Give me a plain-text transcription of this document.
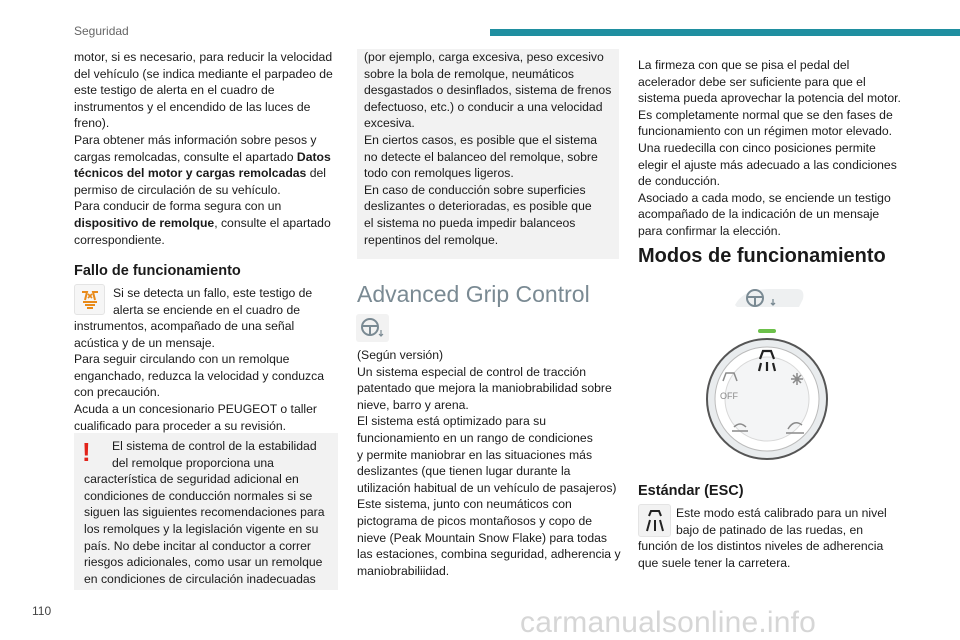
Seguridad
110	carmanualsonline.info
motor, si es necesario, para reducir la velocidad
del vehículo (se indica mediante el parpadeo de
este testigo de alerta en el cuadro de
instrumentos y el encendido de las luces de
freno).
Para obtener más información sobre pesos y
cargas remolcadas, consulte el apartado Datos
técnicos del motor y cargas remolcadas del
permiso de circulación de su vehículo.
Para conducir de forma segura con un
dispositivo de remolque, consulte el apartado
correspondiente.
Fallo de funcionamiento
Si se detecta un fallo, este testigo de
alerta se enciende en el cuadro de
instrumentos, acompañado de una señal
acústica y de un mensaje.
Para seguir circulando con un remolque
enganchado, reduzca la velocidad y conduzca
con precaución.
Acuda a un concesionario PEUGEOT o taller
cualificado para proceder a su revisión.
!	El sistema de control de la estabilidad
del remolque proporciona una
característica de seguridad adicional en
condiciones de conducción normales si se
siguen las siguientes recomendaciones para
los remolques y la legislación vigente en su
país. No debe incitar al conductor a correr
riesgos adicionales, como usar un remolque
en condiciones de circulación inadecuadas
(por ejemplo, carga excesiva, peso excesivo
sobre la bola de remolque, neumáticos
desgastados o desinflados, sistema de frenos
defectuoso, etc.) o conducir a una velocidad
excesiva.
En ciertos casos, es posible que el sistema
no detecte el balanceo del remolque, sobre
todo con remolques ligeros.
En caso de conducción sobre superficies
deslizantes o deterioradas, es posible que
el sistema no pueda impedir balanceos
repentinos del remolque.
Advanced Grip Control
(Según versión)
Un sistema especial de control de tracción
patentado que mejora la maniobrabilidad sobre
nieve, barro y arena.
El sistema está optimizado para su
funcionamiento en un rango de condiciones
y permite maniobrar en las situaciones más
deslizantes (que tienen lugar durante la
utilización habitual de un vehículo de pasajeros)
Este sistema, junto con neumáticos con
pictograma de picos montañosos y copo de
nieve (Peak Mountain Snow Flake) para todas
las estaciones, combina seguridad, adherencia y
maniobrabiliidad.
La firmeza con que se pisa el pedal del
acelerador debe ser suficiente para que el
sistema pueda aprovechar la potencia del motor.
Es completamente normal que se den fases de
funcionamiento con un régimen motor elevado.
Una ruedecilla con cinco posiciones permite
elegir el ajuste más adecuado a las condiciones
de conducción.
Asociado a cada modo, se enciende un testigo
acompañado de la indicación de un mensaje
para confirmar la elección.
Modos de funcionamiento
OFF
Estándar (ESC)
Este modo está calibrado para un nivel
bajo de patinado de las ruedas, en
función de los distintos niveles de adherencia
que suele tener la carretera.
